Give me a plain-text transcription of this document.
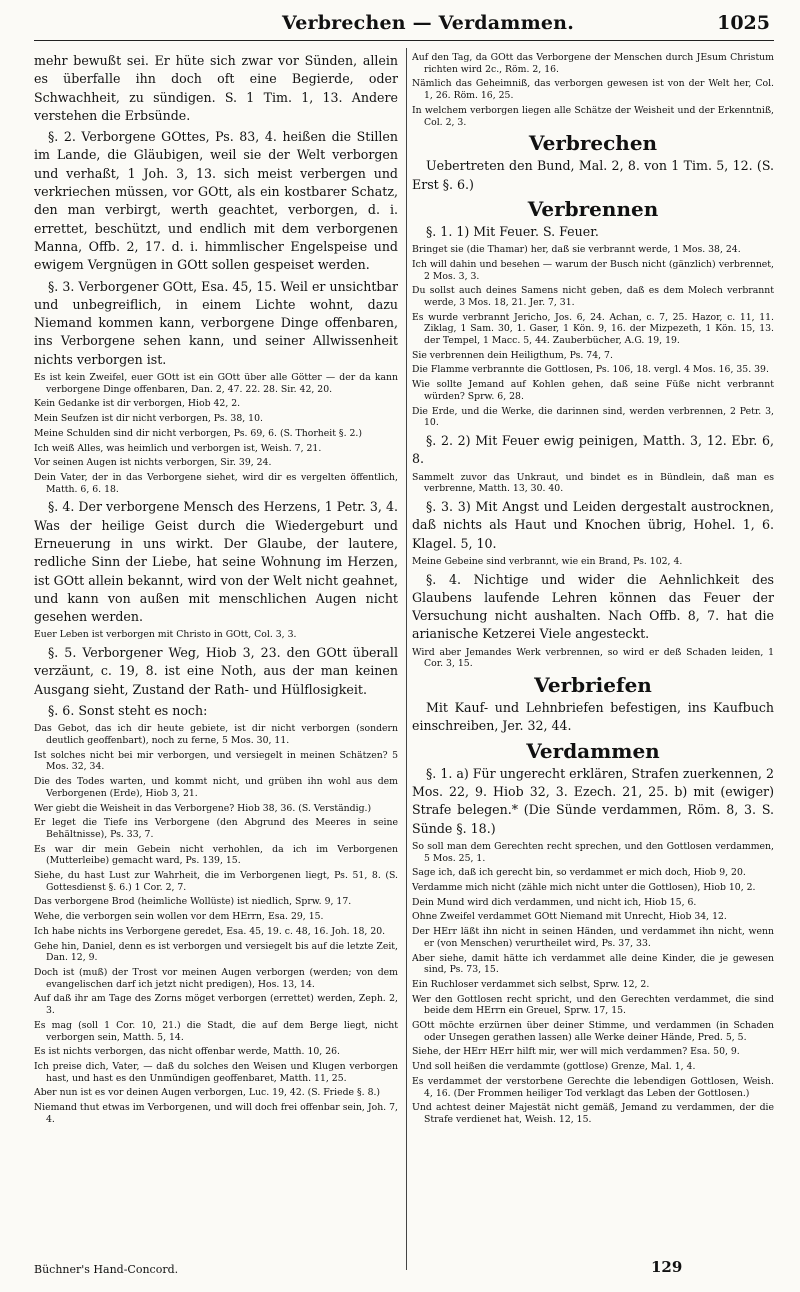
Verbrechen — Verdammen.	1025
mehr bewußt sei. Er hüte sich zwar vor Sünden, allein es überfalle ihn doch oft eine Begierde, oder Schwachheit, zu sündigen. S. 1 Tim. 1, 13. Andere verstehen die Erbsünde.
§. 2. Verborgene GOttes, Ps. 83, 4. heißen die Stillen im Lande, die Gläubigen, weil sie der Welt verborgen und verhaßt, 1 Joh. 3, 13. sich meist verbergen und verkriechen müssen, vor GOtt, als ein kostbarer Schatz, den man verbirgt, werth geachtet, verborgen, d. i. errettet, beschützt, und endlich mit dem verborgenen Manna, Offb. 2, 17. d. i. himmlischer Engelspeise und ewigem Vergnügen in GOtt sollen gespeiset werden.
§. 3. Verborgener GOtt, Esa. 45, 15. Weil er unsichtbar und unbegreiflich, in einem Lichte wohnt, dazu Niemand kommen kann, verborgene Dinge offenbaren, ins Verborgene sehen kann, und seiner Allwissenheit nichts verborgen ist.
Es ist kein Zweifel, euer GOtt ist ein GOtt über alle Götter — der da kann verborgene Dinge offenbaren, Dan. 2, 47. 22. 28. Sir. 42, 20.
Kein Gedanke ist dir verborgen, Hiob 42, 2.
Mein Seufzen ist dir nicht verborgen, Ps. 38, 10.
Meine Schulden sind dir nicht verborgen, Ps. 69, 6. (S. Thorheit §. 2.)
Ich weiß Alles, was heimlich und verborgen ist, Weish. 7, 21.
Vor seinen Augen ist nichts verborgen, Sir. 39, 24.
Dein Vater, der in das Verborgene siehet, wird dir es vergelten öffentlich, Matth. 6, 6. 18.
§. 4. Der verborgene Mensch des Herzens, 1 Petr. 3, 4. Was der heilige Geist durch die Wiedergeburt und Erneuerung in uns wirkt. Der Glaube, der lautere, redliche Sinn der Liebe, hat seine Wohnung im Herzen, ist GOtt allein bekannt, wird von der Welt nicht geahnet, und kann von außen mit menschlichen Augen nicht gesehen werden.
Euer Leben ist verborgen mit Christo in GOtt, Col. 3, 3.
§. 5. Verborgener Weg, Hiob 3, 23. den GOtt überall verzäunt, c. 19, 8. ist eine Noth, aus der man keinen Ausgang sieht, Zustand der Rath- und Hülflosigkeit.
§. 6. Sonst steht es noch:
Das Gebot, das ich dir heute gebiete, ist dir nicht verborgen (sondern deutlich geoffenbart), noch zu ferne, 5 Mos. 30, 11.
Ist solches nicht bei mir verborgen, und versiegelt in meinen Schätzen? 5 Mos. 32, 34.
Die des Todes warten, und kommt nicht, und grüben ihn wohl aus dem Verborgenen (Erde), Hiob 3, 21.
Wer giebt die Weisheit in das Verborgene? Hiob 38, 36. (S. Verständig.)
Er leget die Tiefe ins Verborgene (den Abgrund des Meeres in seine Behältnisse), Ps. 33, 7.
Es war dir mein Gebein nicht verhohlen, da ich im Verborgenen (Mutterleibe) gemacht ward, Ps. 139, 15.
Siehe, du hast Lust zur Wahrheit, die im Verborgenen liegt, Ps. 51, 8. (S. Gottesdienst §. 6.) 1 Cor. 2, 7.
Das verborgene Brod (heimliche Wollüste) ist niedlich, Sprw. 9, 17.
Wehe, die verborgen sein wollen vor dem HErrn, Esa. 29, 15.
Ich habe nichts ins Verborgene geredet, Esa. 45, 19. c. 48, 16. Joh. 18, 20.
Gehe hin, Daniel, denn es ist verborgen und versiegelt bis auf die letzte Zeit, Dan. 12, 9.
Doch ist (muß) der Trost vor meinen Augen verborgen (werden; von dem evangelischen darf ich jetzt nicht predigen), Hos. 13, 14.
Auf daß ihr am Tage des Zorns möget verborgen (errettet) werden, Zeph. 2, 3.
Es mag (soll 1 Cor. 10, 21.) die Stadt, die auf dem Berge liegt, nicht verborgen sein, Matth. 5, 14.
Es ist nichts verborgen, das nicht offenbar werde, Matth. 10, 26.
Ich preise dich, Vater, — daß du solches den Weisen und Klugen verborgen hast, und hast es den Unmündigen geoffenbaret, Matth. 11, 25.
Aber nun ist es vor deinen Augen verborgen, Luc. 19, 42. (S. Friede §. 8.)
Niemand thut etwas im Verborgenen, und will doch frei offenbar sein, Joh. 7, 4.
Auf den Tag, da GOtt das Verborgene der Menschen durch JEsum Christum richten wird 2c., Röm. 2, 16.
Nämlich das Geheimniß, das verborgen gewesen ist von der Welt her, Col. 1, 26. Röm. 16, 25.
In welchem verborgen liegen alle Schätze der Weisheit und der Erkenntniß, Col. 2, 3.
Verbrechen
Uebertreten den Bund, Mal. 2, 8. von 1 Tim. 5, 12. (S. Erst §. 6.)
Verbrennen
§. 1. 1) Mit Feuer. S. Feuer.
Bringet sie (die Thamar) her, daß sie verbrannt werde, 1 Mos. 38, 24.
Ich will dahin und besehen — warum der Busch nicht (gänzlich) verbrennet, 2 Mos. 3, 3.
Du sollst auch deines Samens nicht geben, daß es dem Molech verbrannt werde, 3 Mos. 18, 21. Jer. 7, 31.
Es wurde verbrannt Jericho, Jos. 6, 24. Achan, c. 7, 25. Hazor, c. 11, 11. Ziklag, 1 Sam. 30, 1. Gaser, 1 Kön. 9, 16. der Mizpezeth, 1 Kön. 15, 13. der Tempel, 1 Macc. 5, 44. Zauberbücher, A.G. 19, 19.
Sie verbrennen dein Heiligthum, Ps. 74, 7.
Die Flamme verbrannte die Gottlosen, Ps. 106, 18. vergl. 4 Mos. 16, 35. 39.
Wie sollte Jemand auf Kohlen gehen, daß seine Füße nicht verbrannt würden? Sprw. 6, 28.
Die Erde, und die Werke, die darinnen sind, werden verbrennen, 2 Petr. 3, 10.
§. 2. 2) Mit Feuer ewig peinigen, Matth. 3, 12. Ebr. 6, 8.
Sammelt zuvor das Unkraut, und bindet es in Bündlein, daß man es verbrenne, Matth. 13, 30. 40.
§. 3. 3) Mit Angst und Leiden dergestalt austrocknen, daß nichts als Haut und Knochen übrig, Hohel. 1, 6. Klagel. 5, 10.
Meine Gebeine sind verbrannt, wie ein Brand, Ps. 102, 4.
§. 4. Nichtige und wider die Aehnlichkeit des Glaubens laufende Lehren können das Feuer der Versuchung nicht aushalten. Nach Offb. 8, 7. hat die arianische Ketzerei Viele angesteckt.
Wird aber Jemandes Werk verbrennen, so wird er deß Schaden leiden, 1 Cor. 3, 15.
Verbriefen
Mit Kauf- und Lehnbriefen befestigen, ins Kaufbuch einschreiben, Jer. 32, 44.
Verdammen
§. 1. a) Für ungerecht erklären, Strafen zuerkennen, 2 Mos. 22, 9. Hiob 32, 3. Ezech. 21, 25. b) mit (ewiger) Strafe belegen.* (Die Sünde verdammen, Röm. 8, 3. S. Sünde §. 18.)
So soll man dem Gerechten recht sprechen, und den Gottlosen verdammen, 5 Mos. 25, 1.
Sage ich, daß ich gerecht bin, so verdammet er mich doch, Hiob 9, 20.
Verdamme mich nicht (zähle mich nicht unter die Gottlosen), Hiob 10, 2.
Dein Mund wird dich verdammen, und nicht ich, Hiob 15, 6.
Ohne Zweifel verdammet GOtt Niemand mit Unrecht, Hiob 34, 12.
Der HErr läßt ihn nicht in seinen Händen, und verdammet ihn nicht, wenn er (von Menschen) verurtheilet wird, Ps. 37, 33.
Aber siehe, damit hätte ich verdammet alle deine Kinder, die je gewesen sind, Ps. 73, 15.
Ein Ruchloser verdammet sich selbst, Sprw. 12, 2.
Wer den Gottlosen recht spricht, und den Gerechten verdammet, die sind beide dem HErrn ein Greuel, Sprw. 17, 15.
GOtt möchte erzürnen über deiner Stimme, und verdammen (in Schaden oder Unsegen gerathen lassen) alle Werke deiner Hände, Pred. 5, 5.
Siehe, der HErr HErr hilft mir, wer will mich verdammen? Esa. 50, 9.
Und soll heißen die verdammte (gottlose) Grenze, Mal. 1, 4.
Es verdammet der verstorbene Gerechte die lebendigen Gottlosen, Weish. 4, 16. (Der Frommen heiliger Tod verklagt das Leben der Gottlosen.)
Und achtest deiner Majestät nicht gemäß, Jemand zu verdammen, der die Strafe verdienet hat, Weish. 12, 15.
Büchner's Hand-Concord.	129
